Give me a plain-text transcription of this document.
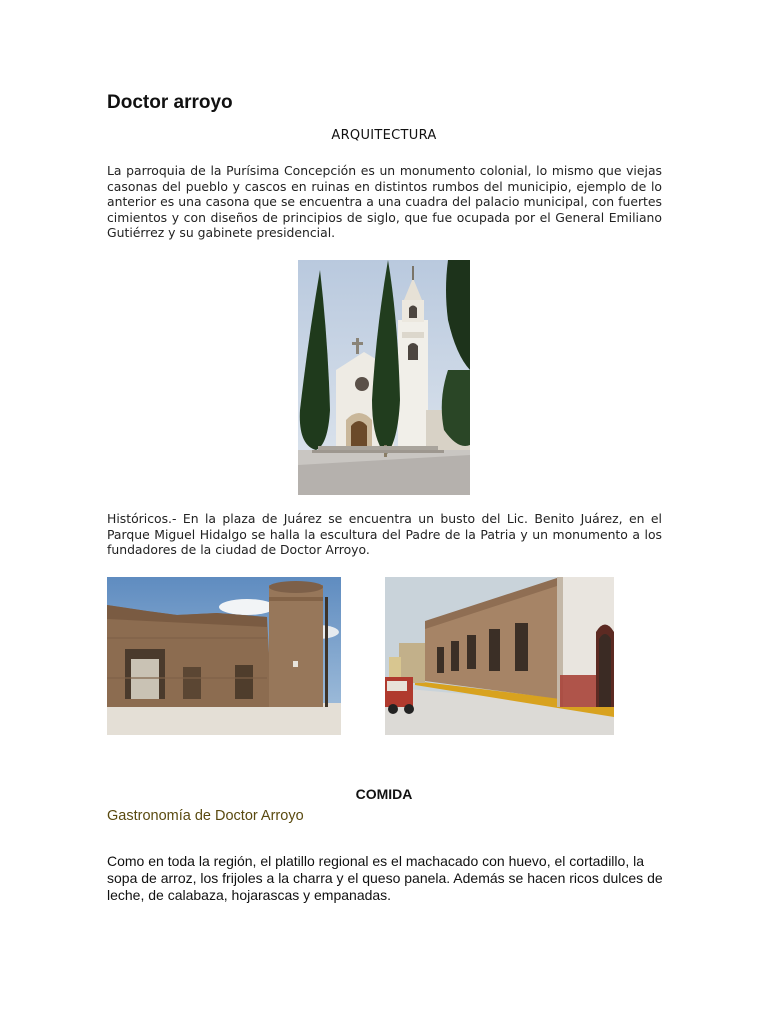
Doctor arroyo
ARQUITECTURA
La parroquia de la Purísima Concepción es un monumento colonial, lo mismo que viejas casonas del pueblo y cascos en ruinas en distintos rumbos del municipio, ejemplo de lo anterior es una casona que se encuentra a una cuadra del palacio municipal, con fuertes cimientos y con diseños de principios de siglo, que fue ocupada por el General Emiliano Gutiérrez y su gabinete presidencial.
Históricos.- En la plaza de Juárez se encuentra un busto del Lic. Benito Juárez, en el Parque Miguel Hidalgo se halla la escultura del Padre de la Patria y un monumento a los fundadores de la ciudad de Doctor Arroyo.
COMIDA
Gastronomía de Doctor Arroyo
Como en toda la región, el platillo regional es el machacado con huevo, el cortadillo, la sopa de arroz, los frijoles a la charra y el queso panela. Además se hacen ricos dulces de leche, de calabaza, hojarascas y empanadas.
